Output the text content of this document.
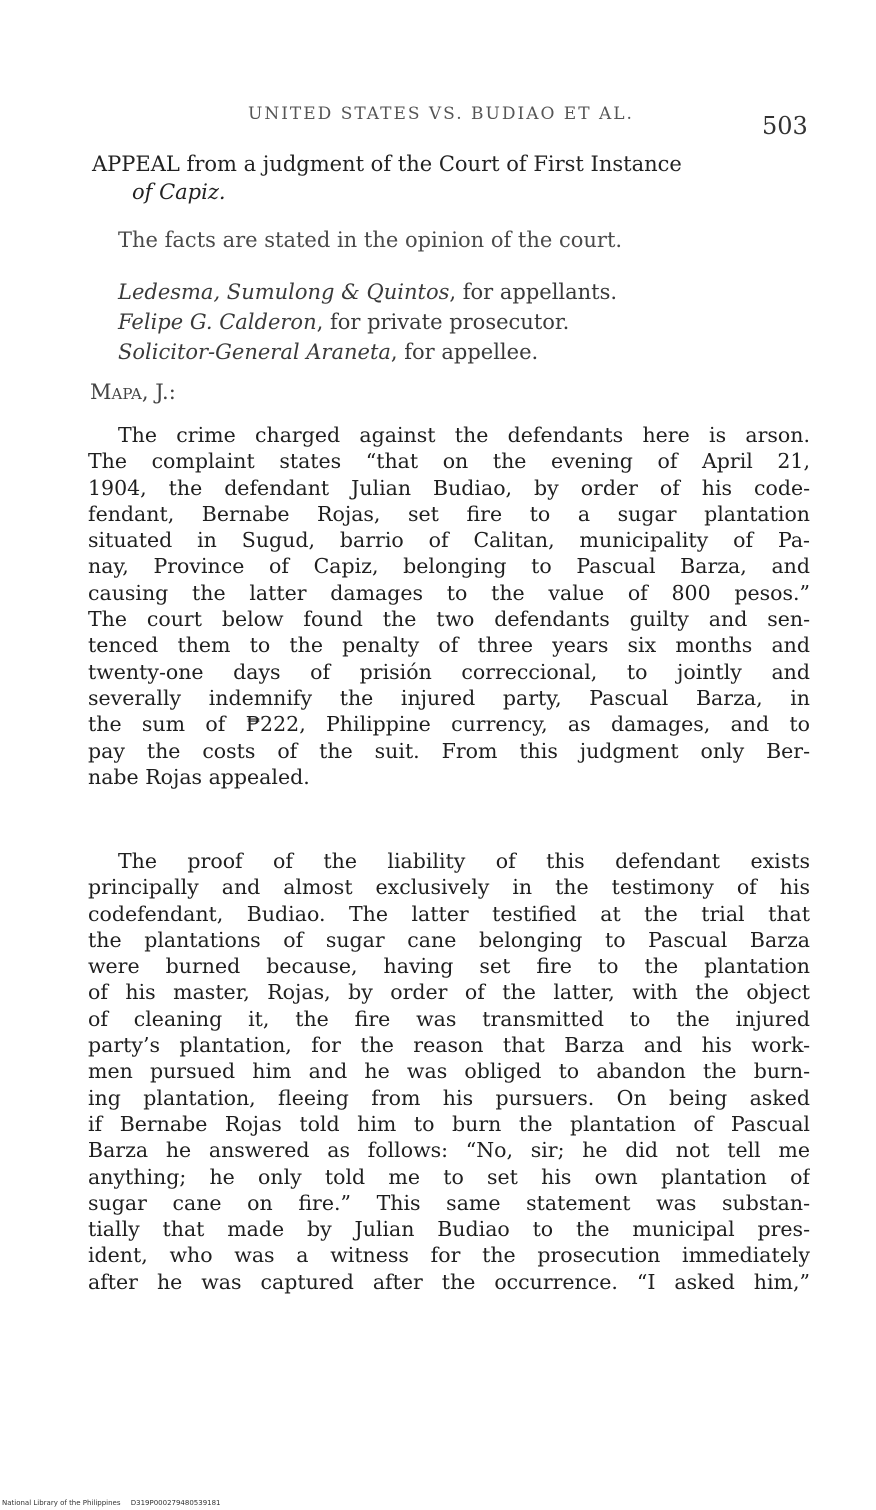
UNITED STATES VS. BUDIAO ET AL.	503
APPEAL from a judgment of the Court of First Instance
of Capiz.
The facts are stated in the opinion of the court.
Ledesma, Sumulong & Quintos, for appellants.
Felipe G. Calderon, for private prosecutor.
Solicitor-General Araneta, for appellee.
Mapa, J.:
The crime charged against the defendants here is arson.
The complaint states “that on the evening of April 21,
1904, the defendant Julian Budiao, by order of his code-
fendant, Bernabe Rojas, set fire to a sugar plantation
situated in Sugud, barrio of Calitan, municipality of Pa-
nay, Province of Capiz, belonging to Pascual Barza, and
causing the latter damages to the value of 800 pesos.”
The court below found the two defendants guilty and sen-
tenced them to the penalty of three years six months and
twenty-one days of prisión correccional, to jointly and
severally indemnify the injured party, Pascual Barza, in
the sum of ₱222, Philippine currency, as damages, and to
pay the costs of the suit. From this judgment only Ber-
nabe Rojas appealed.
The proof of the liability of this defendant exists
principally and almost exclusively in the testimony of his
codefendant, Budiao. The latter testified at the trial that
the plantations of sugar cane belonging to Pascual Barza
were burned because, having set fire to the plantation
of his master, Rojas, by order of the latter, with the object
of cleaning it, the fire was transmitted to the injured
party’s plantation, for the reason that Barza and his work-
men pursued him and he was obliged to abandon the burn-
ing plantation, fleeing from his pursuers. On being asked
if Bernabe Rojas told him to burn the plantation of Pascual
Barza he answered as follows: “No, sir; he did not tell me
anything; he only told me to set his own plantation of
sugar cane on fire.” This same statement was substan-
tially that made by Julian Budiao to the municipal pres-
ident, who was a witness for the prosecution immediately
after he was captured after the occurrence. “I asked him,”
National Library of the Philippines D319P000279480539181
